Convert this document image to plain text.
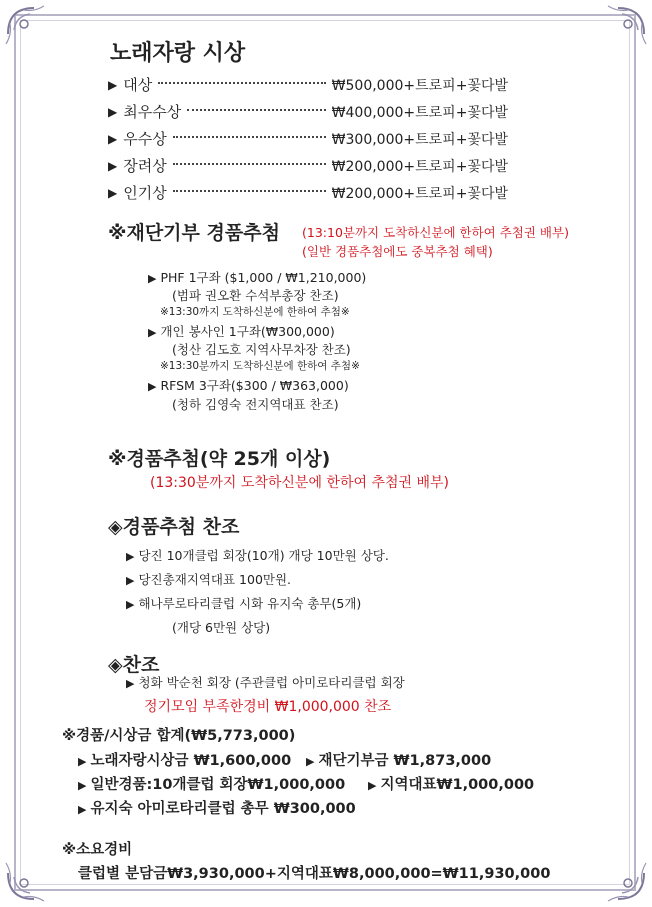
노래자랑 시상
▶ 대상	₩500,000+트로피+꽃다발
▶ 최우수상	₩400,000+트로피+꽃다발
▶ 우수상	₩300,000+트로피+꽃다발
▶ 장려상	₩200,000+트로피+꽃다발
▶ 인기상	₩200,000+트로피+꽃다발
※재단기부 경품추첨 (13:10분까지 도착하신분에 한하여 추첨권 배부)
(일반 경품추첨에도 중복추첨 혜택)
▶ PHF 1구좌 ($1,000 / ₩1,210,000)
(범파 권오환 수석부총장 찬조)
※13:30까지 도착하신분에 한하여 추첨※
▶ 개인 봉사인 1구좌(₩300,000)
(청산 김도호 지역사무차장 찬조)
※13:30분까지 도착하신분에 한하여 추첨※
▶ RFSM 3구좌($300 / ₩363,000)
(청하 김영숙 전지역대표 찬조)
※경품추첨(약 25개 이상)
(13:30분까지 도착하신분에 한하여 추첨권 배부)
◈경품추첨 찬조
▶ 당진 10개클럽 회장(10개) 개당 10만원 상당.
▶ 당진총재지역대표 100만원.
▶ 해나루로타리클럽 시화 유지숙 총무(5개)
(개당 6만원 상당)
◈찬조
▶ 청화 박순천 회장 (주관클럽 아미로타리클럽 회장
정기모임 부족한경비 ₩1,000,000 찬조
※경품/시상금 합계(₩5,773,000)
▶ 노래자랑시상금 ₩1,600,000 ▶ 재단기부금 ₩1,873,000
▶ 일반경품:10개클럽 회장₩1,000,000 ▶ 지역대표₩1,000,000
▶ 유지숙 아미로타리클럽 총무 ₩300,000
※소요경비
클럽별 분담금₩3,930,000+지역대표₩8,000,000=₩11,930,000
